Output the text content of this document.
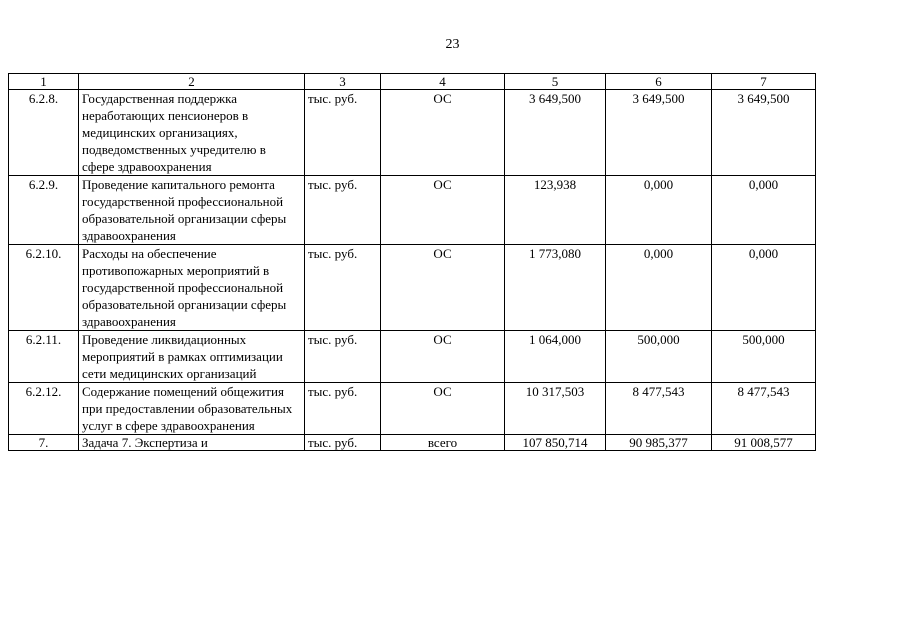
23
1	2	3	4	5	6	7
6.2.8.	Государственная поддержка неработающих пенсионеров в медицинских организациях, подведомственных учредителю в сфере здравоохранения	тыс. руб.	ОС	3 649,500	3 649,500	3 649,500
6.2.9.	Проведение капитального ремонта государственной профессиональной образовательной организации сферы здравоохранения	тыс. руб.	ОС	123,938	0,000	0,000
6.2.10.	Расходы на обеспечение противопожарных мероприятий в государственной профессиональной образовательной организации сферы здравоохранения	тыс. руб.	ОС	1 773,080	0,000	0,000
6.2.11.	Проведение ликвидационных мероприятий в рамках оптимизации сети медицинских организаций	тыс. руб.	ОС	1 064,000	500,000	500,000
6.2.12.	Содержание помещений общежития при предоставлении образовательных услуг в сфере здравоохранения	тыс. руб.	ОС	10 317,503	8 477,543	8 477,543
7.	Задача 7. Экспертиза и	тыс. руб.	всего	107 850,714	90 985,377	91 008,577
